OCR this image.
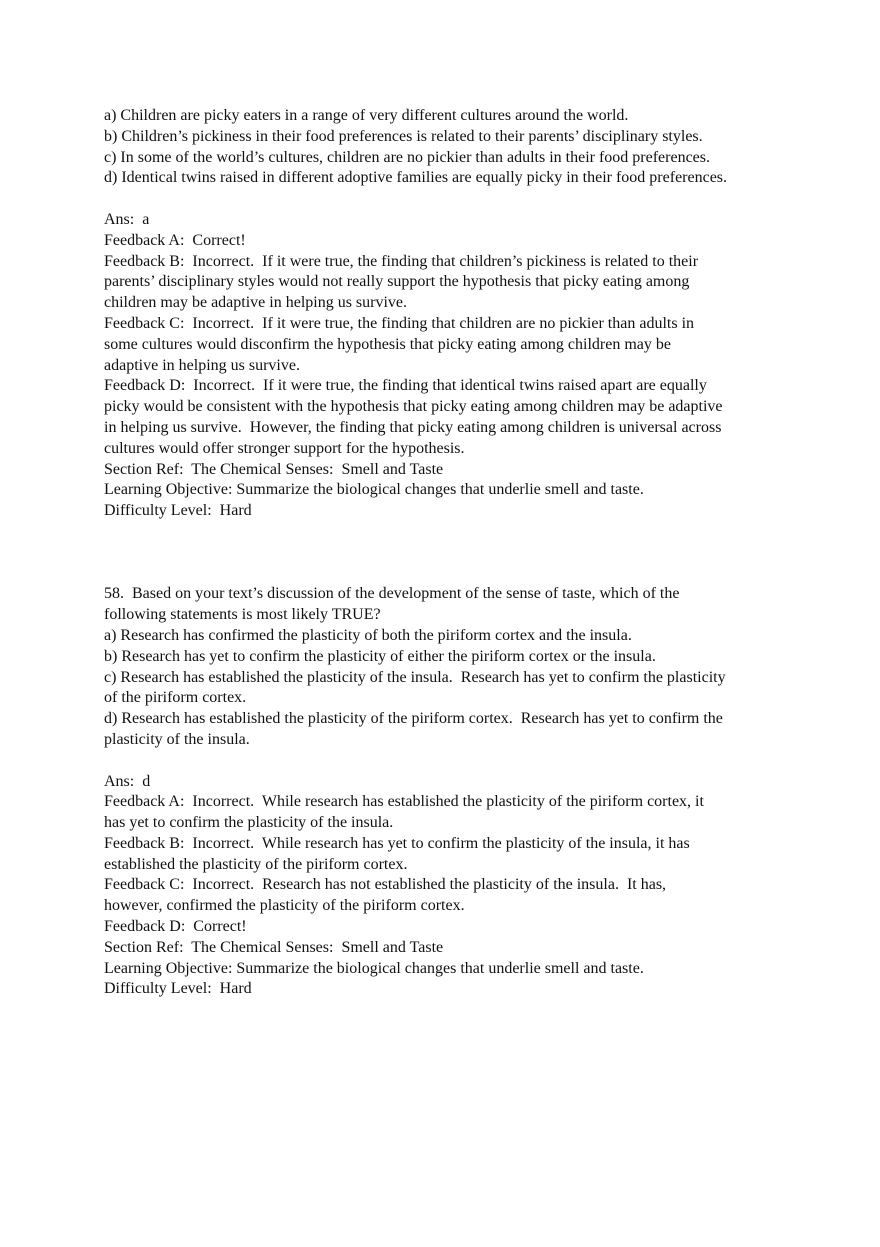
a) Children are picky eaters in a range of very different cultures around the world.
b) Children’s pickiness in their food preferences is related to their parents’ disciplinary styles.
c) In some of the world’s cultures, children are no pickier than adults in their food preferences.
d) Identical twins raised in different adoptive families are equally picky in their food preferences.
Ans:  a
Feedback A:  Correct!
Feedback B:  Incorrect.  If it were true, the finding that children’s pickiness is related to their
parents’ disciplinary styles would not really support the hypothesis that picky eating among
children may be adaptive in helping us survive.
Feedback C:  Incorrect.  If it were true, the finding that children are no pickier than adults in
some cultures would disconfirm the hypothesis that picky eating among children may be
adaptive in helping us survive.
Feedback D:  Incorrect.  If it were true, the finding that identical twins raised apart are equally
picky would be consistent with the hypothesis that picky eating among children may be adaptive
in helping us survive.  However, the finding that picky eating among children is universal across
cultures would offer stronger support for the hypothesis.
Section Ref:  The Chemical Senses:  Smell and Taste
Learning Objective: Summarize the biological changes that underlie smell and taste.
Difficulty Level:  Hard
58.  Based on your text’s discussion of the development of the sense of taste, which of the
following statements is most likely TRUE?
a) Research has confirmed the plasticity of both the piriform cortex and the insula.
b) Research has yet to confirm the plasticity of either the piriform cortex or the insula.
c) Research has established the plasticity of the insula.  Research has yet to confirm the plasticity
of the piriform cortex.
d) Research has established the plasticity of the piriform cortex.  Research has yet to confirm the
plasticity of the insula.
Ans:  d
Feedback A:  Incorrect.  While research has established the plasticity of the piriform cortex, it
has yet to confirm the plasticity of the insula.
Feedback B:  Incorrect.  While research has yet to confirm the plasticity of the insula, it has
established the plasticity of the piriform cortex.
Feedback C:  Incorrect.  Research has not established the plasticity of the insula.  It has,
however, confirmed the plasticity of the piriform cortex.
Feedback D:  Correct!
Section Ref:  The Chemical Senses:  Smell and Taste
Learning Objective: Summarize the biological changes that underlie smell and taste.
Difficulty Level:  Hard
